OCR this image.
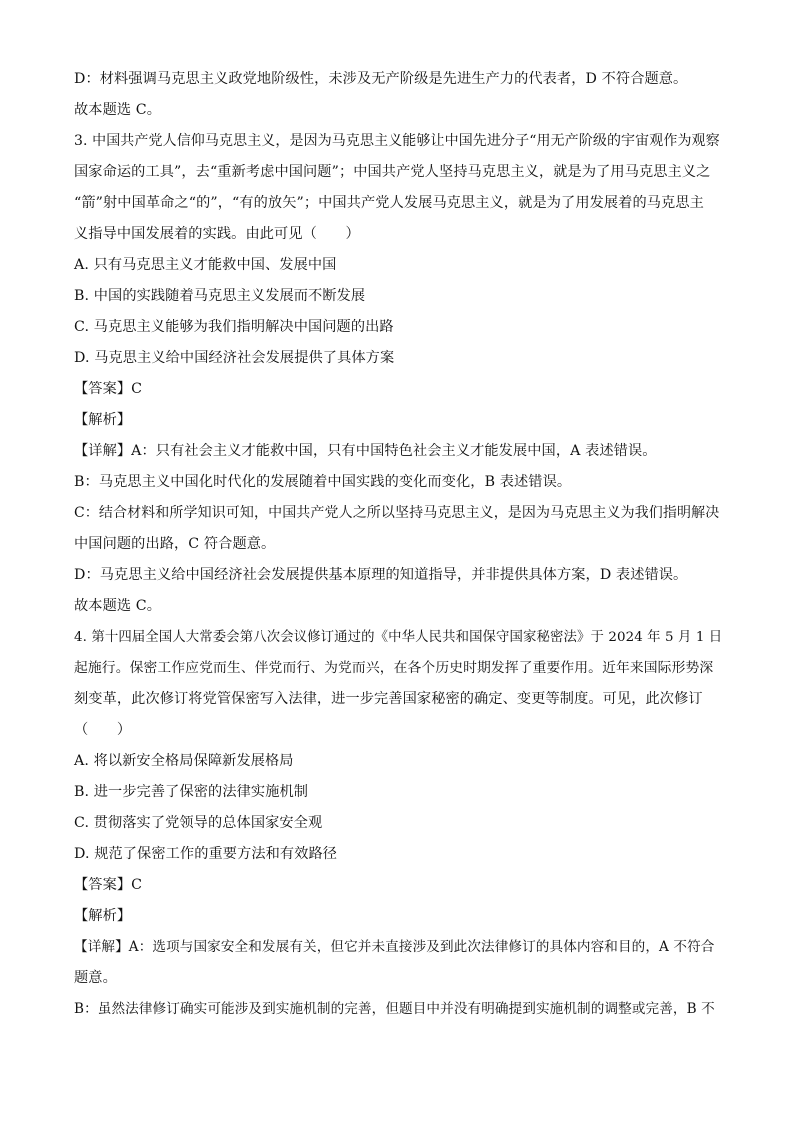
D：材料强调马克思主义政党地阶级性，未涉及无产阶级是先进生产力的代表者，D 不符合题意。
故本题选 C。
3. 中国共产党人信仰马克思主义，是因为马克思主义能够让中国先进分子“用无产阶级的宇宙观作为观察
国家命运的工具”，去“重新考虑中国问题”；中国共产党人坚持马克思主义，就是为了用马克思主义之
“箭”射中国革命之“的”，“有的放矢”；中国共产党人发展马克思主义，就是为了用发展着的马克思主
义指导中国发展着的实践。由此可见（　　）
A. 只有马克思主义才能救中国、发展中国
B. 中国的实践随着马克思主义发展而不断发展
C. 马克思主义能够为我们指明解决中国问题的出路
D. 马克思主义给中国经济社会发展提供了具体方案
【答案】C
【解析】
【详解】A：只有社会主义才能救中国，只有中国特色社会主义才能发展中国，A 表述错误。
B：马克思主义中国化时代化的发展随着中国实践的变化而变化，B 表述错误。
C：结合材料和所学知识可知，中国共产党人之所以坚持马克思主义，是因为马克思主义为我们指明解决
中国问题的出路，C 符合题意。
D：马克思主义给中国经济社会发展提供基本原理的知道指导，并非提供具体方案，D 表述错误。
故本题选 C。
4. 第十四届全国人大常委会第八次会议修订通过的《中华人民共和国保守国家秘密法》于 2024 年 5 月 1 日
起施行。保密工作应党而生、伴党而行、为党而兴，在各个历史时期发挥了重要作用。近年来国际形势深
刻变革，此次修订将党管保密写入法律，进一步完善国家秘密的确定、变更等制度。可见，此次修订
（　　）
A. 将以新安全格局保障新发展格局
B. 进一步完善了保密的法律实施机制
C. 贯彻落实了党领导的总体国家安全观
D. 规范了保密工作的重要方法和有效路径
【答案】C
【解析】
【详解】A：选项与国家安全和发展有关，但它并未直接涉及到此次法律修订的具体内容和目的，A 不符合
题意。
B：虽然法律修订确实可能涉及到实施机制的完善，但题目中并没有明确提到实施机制的调整或完善，B 不
